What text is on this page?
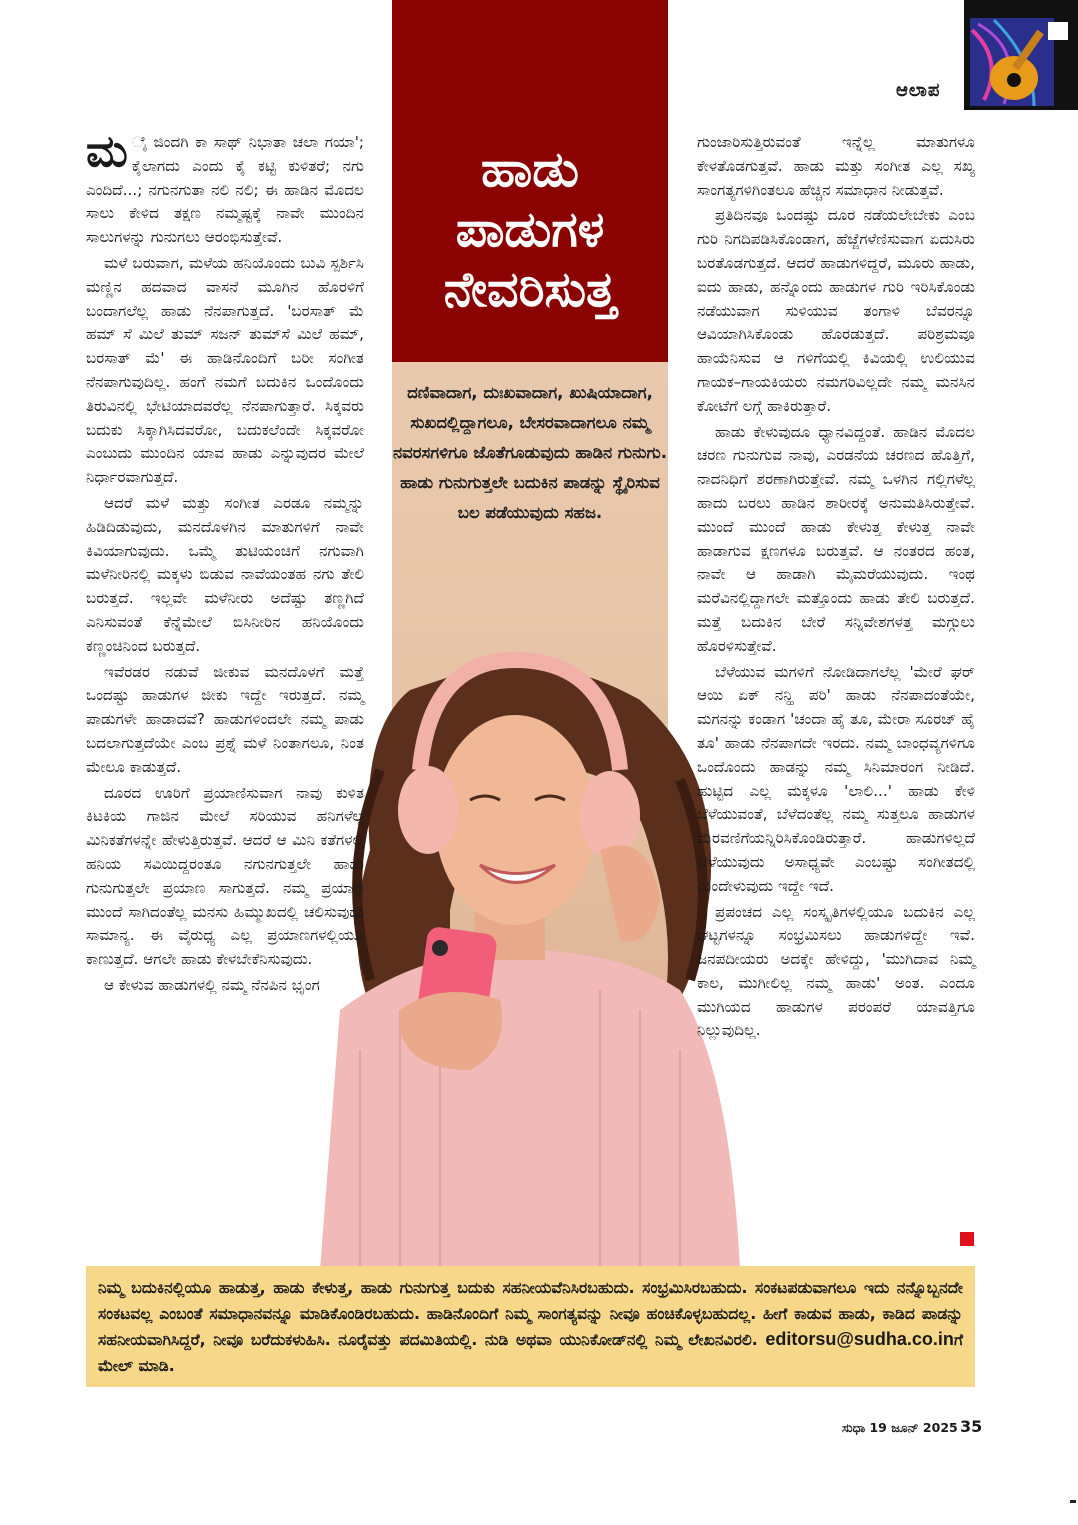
ಆಲಾಪ
ಹಾಡು
ಪಾಡುಗಳ
ನೇವರಿಸುತ್ತ
ದಣಿವಾದಾಗ, ದುಃಖವಾದಾಗ, ಖುಷಿಯಾದಾಗ, ಸುಖದಲ್ಲಿದ್ದಾಗಲೂ, ಬೇಸರವಾದಾಗಲೂ ನಮ್ಮ ನವರಸಗಳಿಗೂ ಜೊತೆಗೂಡುವುದು ಹಾಡಿನ ಗುನುಗು. ಹಾಡು ಗುನುಗುತ್ತಲೇ ಬದುಕಿನ ಪಾಡನ್ನು ಸ್ಥೈರಿಸುವ ಬಲ ಪಡೆಯುವುದು ಸಹಜ.

ಮ ೈ ಜಿಂದಗಿ ಕಾ ಸಾಥ್ ನಿಭಾತಾ ಚಲಾ ಗಯಾ'; ಕೈಲಾಗದು ಎಂದು ಕೈ ಕಟ್ಟಿ ಕುಳಿತರೆ; ನಗು ಎಂದಿದೆ...; ನಗುನಗುತಾ ನಲಿ ನಲಿ; ಈ ಹಾಡಿನ ಮೊದಲ ಸಾಲು ಕೇಳಿದ ತಕ್ಷಣ ನಮ್ಮಷ್ಟಕ್ಕೆ ನಾವೇ ಮುಂದಿನ ಸಾಲುಗಳನ್ನು ಗುನುಗಲು ಆರಂಭಿಸುತ್ತೇವೆ.

ಮಳೆ ಬರುವಾಗ, ಮಳೆಯ ಹನಿಯೊಂದು ಬುವಿ ಸ್ಪರ್ಶಿಸಿ ಮಣ್ಣಿನ ಹದವಾದ ವಾಸನೆ ಮೂಗಿನ ಹೊರಳಿಗೆ ಬಂದಾಗಲೆಲ್ಲ ಹಾಡು ನೆನಪಾಗುತ್ತದೆ. 'ಬರಸಾತ್ ಮೆ ಹಮ್ ಸೆ ಮಿಲೆ ತುಮ್ ಸಜನ್ ತುಮ್‌ಸೆ ಮಿಲೆ ಹಮ್, ಬರಸಾತ್ ಮೆ' ಈ ಹಾಡಿನೊಂದಿಗೆ ಬರೀ ಸಂಗೀತ ನೆನಪಾಗುವುದಿಲ್ಲ. ಹಂಗೆ ನಮಗೆ ಬದುಕಿನ ಒಂದೊಂದು ತಿರುವಿನಲ್ಲಿ ಭೇಟಿಯಾದವರೆಲ್ಲ ನೆನಪಾಗುತ್ತಾರೆ. ಸಿಕ್ಕವರು ಬದುಕು ಸಿಕ್ಕಾಗಿಸಿದವರೋ, ಬದುಕಲೆಂದೇ ಸಿಕ್ಕವರೋ ಎಂಬುದು ಮುಂದಿನ ಯಾವ ಹಾಡು ಎನ್ನುವುದರ ಮೇಲೆ ನಿರ್ಧಾರವಾಗುತ್ತದೆ.

ಆದರೆ ಮಳೆ ಮತ್ತು ಸಂಗೀತ ಎರಡೂ ನಮ್ಮನ್ನು ಹಿಡಿದಿಡುವುದು, ಮನದೊಳಗಿನ ಮಾತುಗಳಿಗೆ ನಾವೇ ಕಿವಿಯಾಗುವುದು. ಒಮ್ಮೆ ತುಟಿಯಂಚಿಗೆ ನಗುವಾಗಿ ಮಳೆನೀರಿನಲ್ಲಿ ಮಕ್ಕಳು ಬಿಡುವ ನಾವೆಯಂತಹ ನಗು ತೇಲಿ ಬರುತ್ತದೆ. ಇಲ್ಲವೇ ಮಳೆನೀರು ಅದೆಷ್ಟು ತಣ್ಣಗಿದೆ ಎನಿಸುವಂತೆ ಕೆನ್ನೆಮೇಲೆ ಬಿಸಿನೀರಿನ ಹನಿಯೊಂದು ಕಣ್ಣಂಚಿನಿಂದ ಬರುತ್ತದೆ.

ಇವೆರಡರ ನಡುವೆ ಜೀಕುವ ಮನದೊಳಗೆ ಮತ್ತೆ ಒಂದಷ್ಟು ಹಾಡುಗಳ ಜೀಕು ಇದ್ದೇ ಇರುತ್ತದೆ. ನಮ್ಮ ಪಾಡುಗಳೇ ಹಾಡಾದವೆ? ಹಾಡುಗಳಿಂದಲೇ ನಮ್ಮ ಪಾಡು ಬದಲಾಗುತ್ತದೆಯೇ ಎಂಬ ಪ್ರಶ್ನೆ ಮಳೆ ನಿಂತಾಗಲೂ, ನಿಂತ ಮೇಲೂ ಕಾಡುತ್ತದೆ.

ದೂರದ ಊರಿಗೆ ಪ್ರಯಾಣಿಸುವಾಗ ನಾವು ಕುಳಿತ ಕಿಟಕಿಯ ಗಾಜಿನ ಮೇಲೆ ಸರಿಯುವ ಹನಿಗಳೆಲ್ಲ ಮಿನಿಕತೆಗಳನ್ನೇ ಹೇಳುತ್ತಿರುತ್ತವೆ. ಆದರೆ ಆ ಮಿನಿ ಕತೆಗಳಲ್ಲಿ ಹನಿಯ ಸವಿಯಿದ್ದರಂತೂ ನಗುನಗುತ್ತಲೇ ಹಾಡು ಗುನುಗುತ್ತಲೇ ಪ್ರಯಾಣ ಸಾಗುತ್ತದೆ. ನಮ್ಮ ಪ್ರಯಾಣ ಮುಂದೆ ಸಾಗಿದಂತೆಲ್ಲ ಮನಸು ಹಿಮ್ಮುಖದಲ್ಲಿ ಚಲಿಸುವುದು ಸಾಮಾನ್ಯ. ಈ ವೈರುಧ್ಯ ಎಲ್ಲ ಪ್ರಯಾಣಗಳಲ್ಲಿಯೂ ಕಾಣುತ್ತದೆ. ಆಗಲೇ ಹಾಡು ಕೇಳಬೇಕೆನಿಸುವುದು.

ಆ ಕೇಳುವ ಹಾಡುಗಳಲ್ಲಿ ನಮ್ಮ ನೆನಪಿನ ಭೃಂಗ

ಗುಂಜಾರಿಸುತ್ತಿರುವಂತೆ ಇನ್ನೆಲ್ಲ ಮಾತುಗಳೂ ಕೇಳತೊಡಗುತ್ತವೆ. ಹಾಡು ಮತ್ತು ಸಂಗೀತ ಎಲ್ಲ ಸಖ್ಯ ಸಾಂಗತ್ಯಗಳಿಗಿಂತಲೂ ಹೆಚ್ಚಿನ ಸಮಾಧಾನ ನೀಡುತ್ತವೆ.

ಪ್ರತಿದಿನವೂ ಒಂದಷ್ಟು ದೂರ ನಡೆಯಲೇಬೇಕು ಎಂಬ ಗುರಿ ನಿಗದಿಪಡಿಸಿಕೊಂಡಾಗ, ಹೆಜ್ಜೆಗಳೆಣಿಸುವಾಗ ಏದುಸಿರು ಬರತೊಡಗುತ್ತದೆ. ಆದರೆ ಹಾಡುಗಳಿದ್ದರೆ, ಮೂರು ಹಾಡು, ಐದು ಹಾಡು, ಹನ್ನೊಂದು ಹಾಡುಗಳ ಗುರಿ ಇರಿಸಿಕೊಂಡು ನಡೆಯುವಾಗ ಸುಳಿಯುವ ತಂಗಾಳಿ ಬೆವರನ್ನೂ ಆವಿಯಾಗಿಸಿಕೊಂಡು ಹೊರಡುತ್ತದೆ. ಪರಿಶ್ರಮವೂ ಹಾಯೆನಿಸುವ ಆ ಗಳಿಗೆಯಲ್ಲಿ ಕಿವಿಯಲ್ಲಿ ಉಲಿಯುವ ಗಾಯಕ–ಗಾಯಕಿಯರು ನಮಗರಿವಿಲ್ಲದೇ ನಮ್ಮ ಮನಸಿನ ಕೋಟೆಗೆ ಲಗ್ಗೆ ಹಾಕಿರುತ್ತಾರೆ.

ಹಾಡು ಕೇಳುವುದೂ ಧ್ಯಾನವಿದ್ದಂತೆ. ಹಾಡಿನ ಮೊದಲ ಚರಣ ಗುನುಗುವ ನಾವು, ಎರಡನೆಯ ಚರಣದ ಹೊತ್ತಿಗೆ, ನಾದನಿಧಿಗೆ ಶರಣಾಗಿರುತ್ತೇವೆ. ನಮ್ಮ ಒಳಗಿನ ಗಲ್ಲಿಗಳೆಲ್ಲ ಹಾದು ಬರಲು ಹಾಡಿನ ಶಾರೀರಕ್ಕೆ ಅನುಮತಿಸಿರುತ್ತೇವೆ. ಮುಂದೆ ಮುಂದೆ ಹಾಡು ಕೇಳುತ್ತ ಕೇಳುತ್ತ ನಾವೇ ಹಾಡಾಗುವ ಕ್ಷಣಗಳೂ ಬರುತ್ತವೆ. ಆ ನಂತರದ ಹಂತ, ನಾವೇ ಆ ಹಾಡಾಗಿ ಮೈಮರೆಯುವುದು. ಇಂಥ ಮರೆವಿನಲ್ಲಿದ್ದಾಗಲೇ ಮತ್ತೊಂದು ಹಾಡು ತೇಲಿ ಬರುತ್ತದೆ. ಮತ್ತೆ ಬದುಕಿನ ಬೇರೆ ಸನ್ನಿವೇಶಗಳತ್ತ ಮಗ್ಗುಲು ಹೊರಳಿಸುತ್ತೇವೆ.

ಬೆಳೆಯುವ ಮಗಳಿಗೆ ನೋಡಿದಾಗಲೆಲ್ಲ 'ಮೇರೆ ಘರ್ ಆಯಿ ಏಕ್ ನನ್ಹಿ ಪರಿ' ಹಾಡು ನೆನಪಾದಂತೆಯೇ, ಮಗನನ್ನು ಕಂಡಾಗ 'ಚಂದಾ ಹೈ ತೂ, ಮೇರಾ ಸೂರಜ್ ಹೈ ತೂ' ಹಾಡು ನೆನಪಾಗದೇ ಇರದು. ನಮ್ಮ ಬಾಂಧವ್ಯಗಳಿಗೂ ಒಂದೊಂದು ಹಾಡನ್ನು ನಮ್ಮ ಸಿನಿಮಾರಂಗ ನೀಡಿದೆ. ಹುಟ್ಟಿದ ಎಲ್ಲ ಮಕ್ಕಳೂ 'ಲಾಲಿ...' ಹಾಡು ಕೇಳಿ ಬೆಳೆಯುವಂತೆ, ಬೆಳೆದಂತೆಲ್ಲ ನಮ್ಮ ಸುತ್ತಲೂ ಹಾಡುಗಳ ಮೆರವಣಿಗೆಯನ್ನಿರಿಸಿಕೊಂಡಿರುತ್ತಾರೆ. ಹಾಡುಗಳಿಲ್ಲದೆ ಬೆಳೆಯುವುದು ಅಸಾಧ್ಯವೇ ಎಂಬಷ್ಟು ಸಂಗೀತದಲ್ಲಿ ಮಿಂದೇಳುವುದು ಇದ್ದೇ ಇದೆ.

ಪ್ರಪಂಚದ ಎಲ್ಲ ಸಂಸ್ಕೃತಿಗಳಲ್ಲಿಯೂ ಬದುಕಿನ ಎಲ್ಲ ಘಟ್ಟಗಳನ್ನೂ ಸಂಭ್ರಮಿಸಲು ಹಾಡುಗಳಿದ್ದೇ ಇವೆ. ಜನಪದೀಯರು ಅದಕ್ಕೇ ಹೇಳಿದ್ದು, 'ಮುಗಿದಾವ ನಿಮ್ಮ ಕಾಲ, ಮುಗೀಲಿಲ್ಲ ನಮ್ಮ ಹಾಡು' ಅಂತ. ಎಂದೂ ಮುಗಿಯದ ಹಾಡುಗಳ ಪರಂಪರೆ ಯಾವತ್ತಿಗೂ ನಿಲ್ಲುವುದಿಲ್ಲ.

ನಿಮ್ಮ ಬದುಕಿನಲ್ಲಿಯೂ ಹಾಡುತ್ತ, ಹಾಡು ಕೇಳುತ್ತ, ಹಾಡು ಗುನುಗುತ್ತ ಬದುಕು ಸಹನೀಯವೆನಿಸಿರಬಹುದು. ಸಂಭ್ರಮಿಸಿರಬಹುದು. ಸಂಕಟಪಡುವಾಗಲೂ ಇದು ನನ್ನೊಬ್ಬನದೇ ಸಂಕಟವಲ್ಲ ಎಂಬಂತೆ ಸಮಾಧಾನವನ್ನೂ ಮಾಡಿಕೊಂಡಿರಬಹುದು. ಹಾಡಿನೊಂದಿಗೆ ನಿಮ್ಮ ಸಾಂಗತ್ಯವನ್ನು ನೀವೂ ಹಂಚಿಕೊಳ್ಳಬಹುದಲ್ಲ. ಹೀಗೆ ಕಾಡುವ ಹಾಡು, ಕಾಡಿದ ಪಾಡನ್ನು ಸಹನೀಯವಾಗಿಸಿದ್ದರೆ, ನೀವೂ ಬರೆದುಕಳುಹಿಸಿ. ನೂರೈವತ್ತು ಪದಮಿತಿಯಲ್ಲಿ. ನುಡಿ ಅಥವಾ ಯುನಿಕೋಡ್‌ನಲ್ಲಿ ನಿಮ್ಮ ಲೇಖನವಿರಲಿ. editorsu@sudha.co.inಗೆ ಮೇಲ್ ಮಾಡಿ.
ಸುಧಾ 19 ಜೂನ್ 2025 35
